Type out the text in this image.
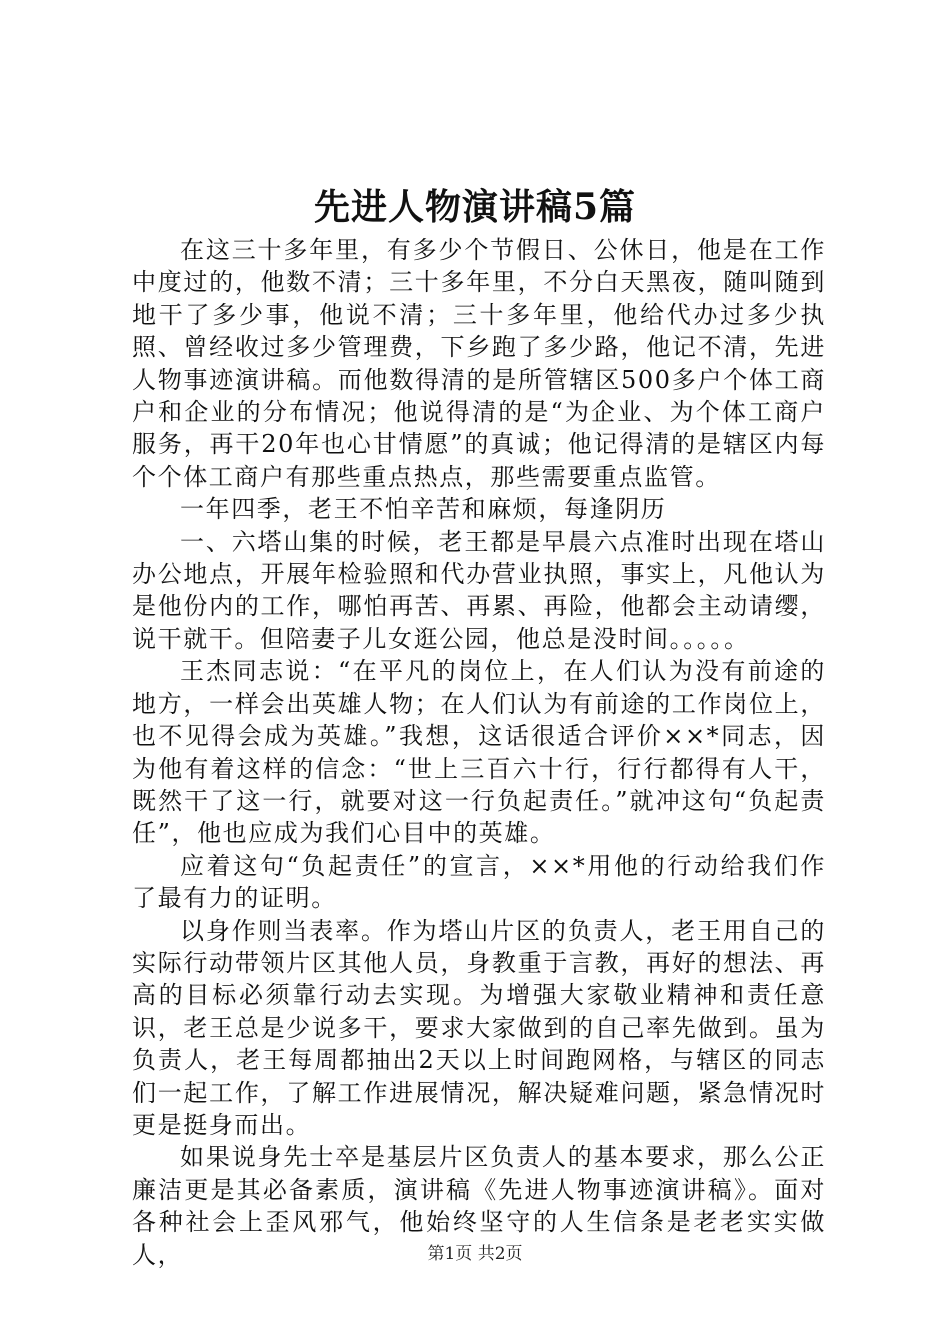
先进人物演讲稿5篇

在这三十多年里，有多少个节假日、公休日，他是在工作中度过的，他数不清；三十多年里，不分白天黑夜，随叫随到地干了多少事，他说不清；三十多年里，他给代办过多少执照、曾经收过多少管理费，下乡跑了多少路，他记不清，先进人物事迹演讲稿。而他数得清的是所管辖区500多户个体工商户和企业的分布情况；他说得清的是“为企业、为个体工商户服务，再干20年也心甘情愿”的真诚；他记得清的是辖区内每个个体工商户有那些重点热点，那些需要重点监管。

一年四季，老王不怕辛苦和麻烦，每逢阴历

一、六塔山集的时候，老王都是早晨六点准时出现在塔山办公地点，开展年检验照和代办营业执照，事实上，凡他认为是他份内的工作，哪怕再苦、再累、再险，他都会主动请缨，说干就干。但陪妻子儿女逛公园，他总是没时间。。。。。

王杰同志说：“在平凡的岗位上，在人们认为没有前途的地方，一样会出英雄人物；在人们认为有前途的工作岗位上，也不见得会成为英雄。”我想，这话很适合评价××*同志，因为他有着这样的信念：“世上三百六十行，行行都得有人干，既然干了这一行，就要对这一行负起责任。”就冲这句“负起责任”，他也应成为我们心目中的英雄。

应着这句“负起责任”的宣言，××*用他的行动给我们作了最有力的证明。

以身作则当表率。作为塔山片区的负责人，老王用自己的实际行动带领片区其他人员，身教重于言教，再好的想法、再高的目标必须靠行动去实现。为增强大家敬业精神和责任意识，老王总是少说多干，要求大家做到的自己率先做到。虽为负责人，老王每周都抽出2天以上时间跑网格，与辖区的同志们一起工作，了解工作进展情况，解决疑难问题，紧急情况时更是挺身而出。

如果说身先士卒是基层片区负责人的基本要求，那么公正廉洁更是其必备素质，演讲稿《先进人物事迹演讲稿》。面对各种社会上歪风邪气，他始终坚守的人生信条是老老实实做人，	第1页 共2页
